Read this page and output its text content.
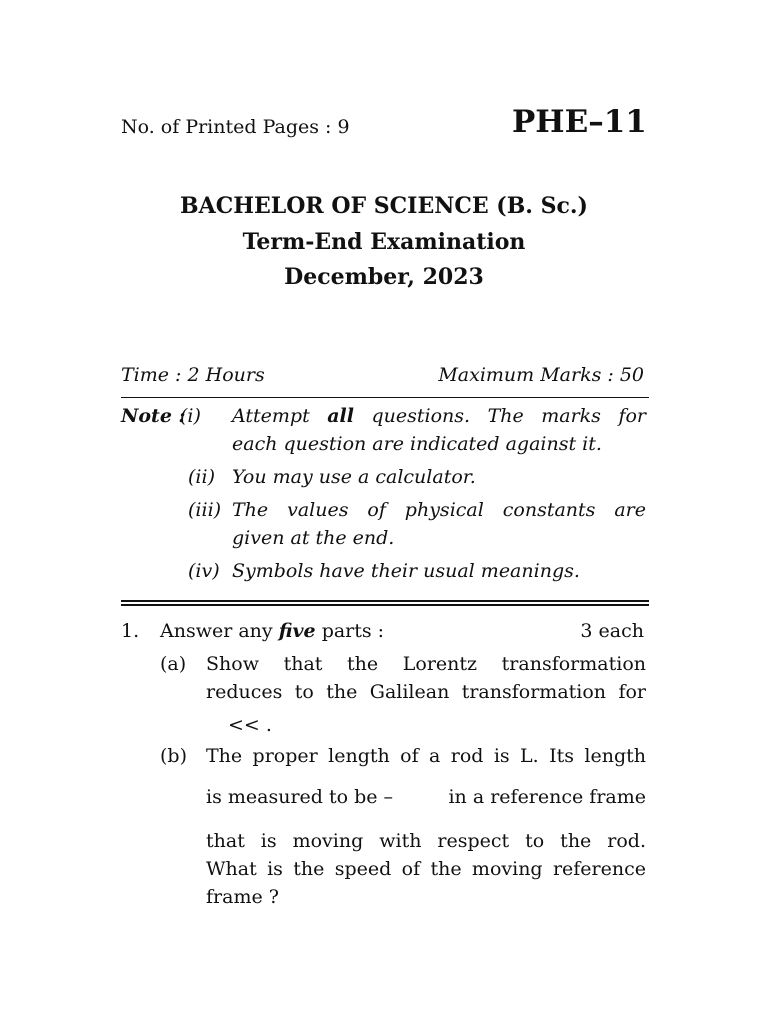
No. of Printed Pages : 9	PHE–11
BACHELOR OF SCIENCE (B. Sc.)
Term-End Examination
December, 2023
Time : 2 Hours	Maximum Marks : 50
Note :
(i) Attempt all questions. The marks for
each question are indicated against it.
(ii) You may use a calculator.
(iii) The values of physical constants are
given at the end.
(iv) Symbols have their usual meanings.
1. Answer any five parts :	3 each
(a) Show that the Lorentz transformation
reduces to the Galilean transformation for
<< .
(b) The proper length of a rod is L. Its length
is measured to be –	in a reference frame
that is moving with respect to the rod.
What is the speed of the moving reference
frame ?
